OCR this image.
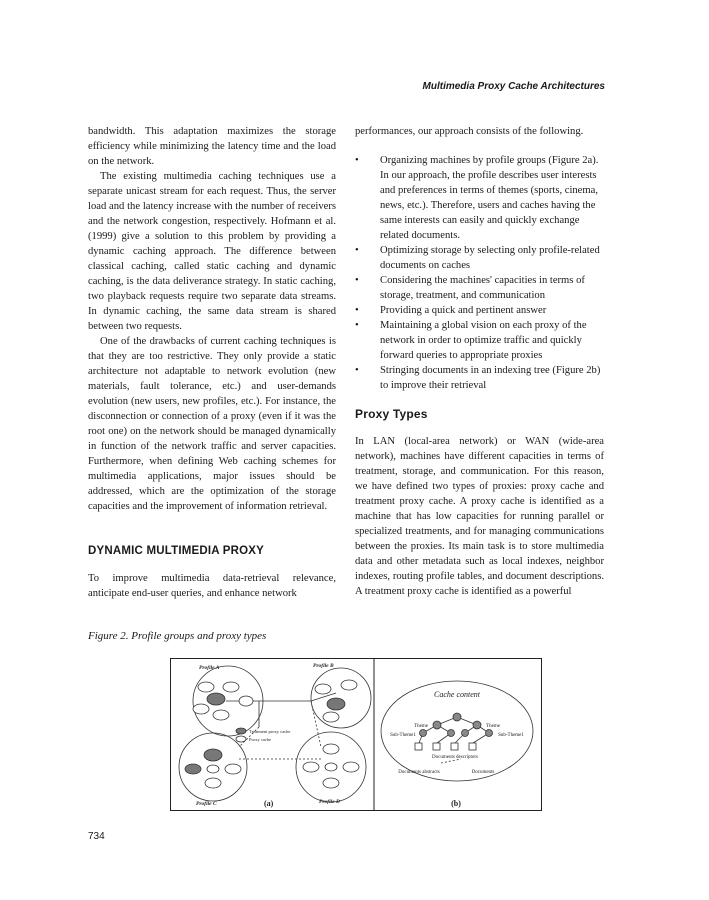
Multimedia Proxy Cache Architectures

bandwidth. This adaptation maximizes the storage efficiency while minimizing the latency time and the load on the network.

The existing multimedia caching techniques use a separate unicast stream for each request. Thus, the server load and the latency increase with the number of receivers and the network congestion, respectively. Hofmann et al. (1999) give a solution to this problem by providing a dynamic caching approach. The difference between classical caching, called static caching and dynamic caching, is the data deliverance strategy. In static caching, two playback requests require two separate data streams. In dynamic caching, the same data stream is shared between two requests.

One of the drawbacks of current caching techniques is that they are too restrictive. They only provide a static architecture not adaptable to network evolution (new materials, fault tolerance, etc.) and user-demands evolution (new users, new profiles, etc.). For instance, the disconnection or connection of a proxy (even if it was the root one) on the network should be managed dynamically in function of the network traffic and server capacities. Furthermore, when defining Web caching schemes for multimedia applications, major issues should be addressed, which are the optimization of the storage capacities and the improvement of information retrieval.

DYNAMIC MULTIMEDIA PROXY

To improve multimedia data-retrieval relevance, anticipate end-user queries, and enhance network

performances, our approach consists of the following.

• Organizing machines by profile groups (Figure 2a). In our approach, the profile describes user interests and preferences in terms of themes (sports, cinema, news, etc.). Therefore, users and caches having the same interests can easily and quickly exchange related documents.
• Optimizing storage by selecting only profile-related documents on caches
• Considering the machines' capacities in terms of storage, treatment, and communication
• Providing a quick and pertinent answer
• Maintaining a global vision on each proxy of the network in order to optimize traffic and quickly forward queries to appropriate proxies
• Stringing documents in an indexing tree (Figure 2b) to improve their retrieval
Proxy Types

In LAN (local-area network) or WAN (wide-area network), machines have different capacities in terms of treatment, storage, and communication. For this reason, we have defined two types of proxies: proxy cache and treatment proxy cache. A proxy cache is identified as a machine that has low capacities for running parallel or specialized treatments, and for managing communications between the proxies. Its main task is to store multimedia data and other metadata such as local indexes, neighbor indexes, routing profile tables, and document descriptions. A treatment proxy cache is identified as a powerful

Figure 2. Profile groups and proxy types
Profile A	Profile B
Profile C	Profile D
Treatment proxy cache
Proxy cache
(a)
Cache content
Theme	Theme
Sub-Theme1	Sub-Theme1
Documents descriptors
Documents abstracts	Documents
(b)
734
